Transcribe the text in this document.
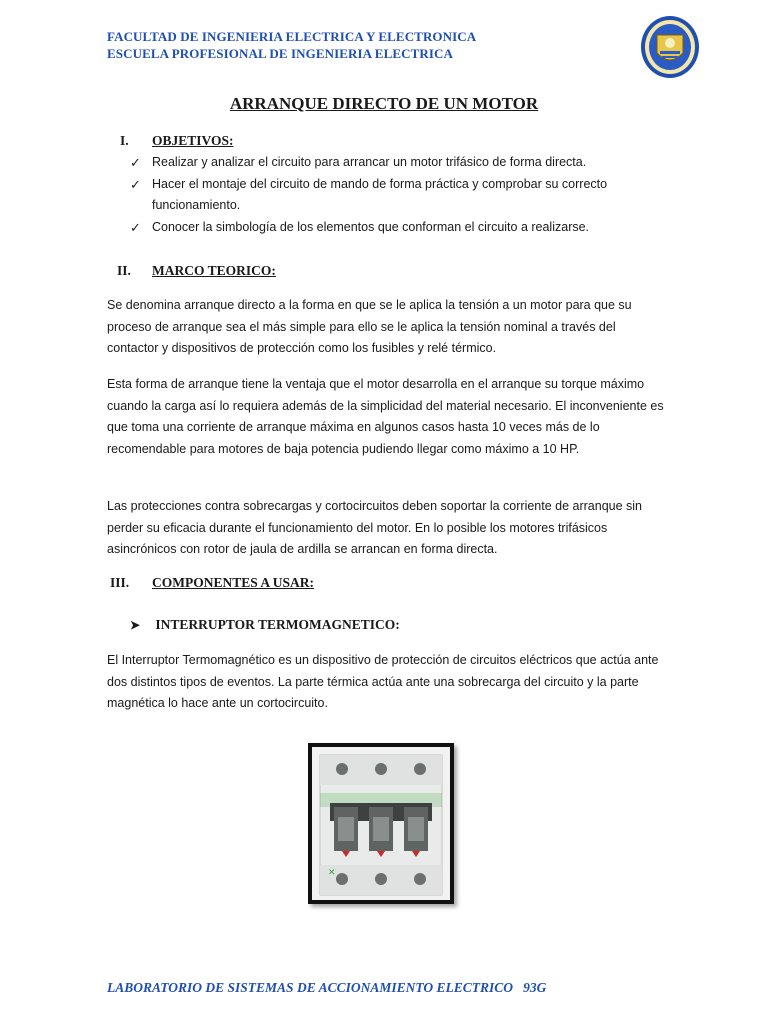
FACULTAD DE INGENIERIA ELECTRICA Y ELECTRONICA
ESCUELA PROFESIONAL DE INGENIERIA ELECTRICA
ARRANQUE DIRECTO DE UN MOTOR
I. OBJETIVOS:
✓ Realizar y analizar el circuito para arrancar un motor trifásico de forma directa.
✓ Hacer el montaje del circuito de mando de forma práctica y comprobar su correcto funcionamiento.
✓ Conocer la simbología de los elementos que conforman el circuito a realizarse.
II. MARCO TEORICO:
Se denomina arranque directo a la forma en que se le aplica la tensión a un motor para que su proceso de arranque sea el más simple para ello se le aplica la tensión nominal a través del contactor y dispositivos de protección como los fusibles y relé térmico.
Esta forma de arranque tiene la ventaja que el motor desarrolla en el arranque su torque máximo cuando la carga así lo requiera además de la simplicidad del material necesario. El inconveniente es que toma una corriente de arranque máxima en algunos casos hasta 10 veces más de lo recomendable para motores de baja potencia pudiendo llegar como máximo a 10 HP.
Las protecciones contra sobrecargas y cortocircuitos deben soportar la corriente de arranque sin perder su eficacia durante el funcionamiento del motor. En lo posible los motores trifásicos asincrónicos con rotor de jaula de ardilla se arrancan en forma directa.
III. COMPONENTES A USAR:
➤ INTERRUPTOR TERMOMAGNETICO:
El Interruptor Termomagnético es un dispositivo de protección de circuitos eléctricos que actúa ante dos distintos tipos de eventos. La parte térmica actúa ante una sobrecarga del circuito y la parte magnética lo hace ante un cortocircuito.
✕
LABORATORIO DE SISTEMAS DE ACCIONAMIENTO ELECTRICO   93G
